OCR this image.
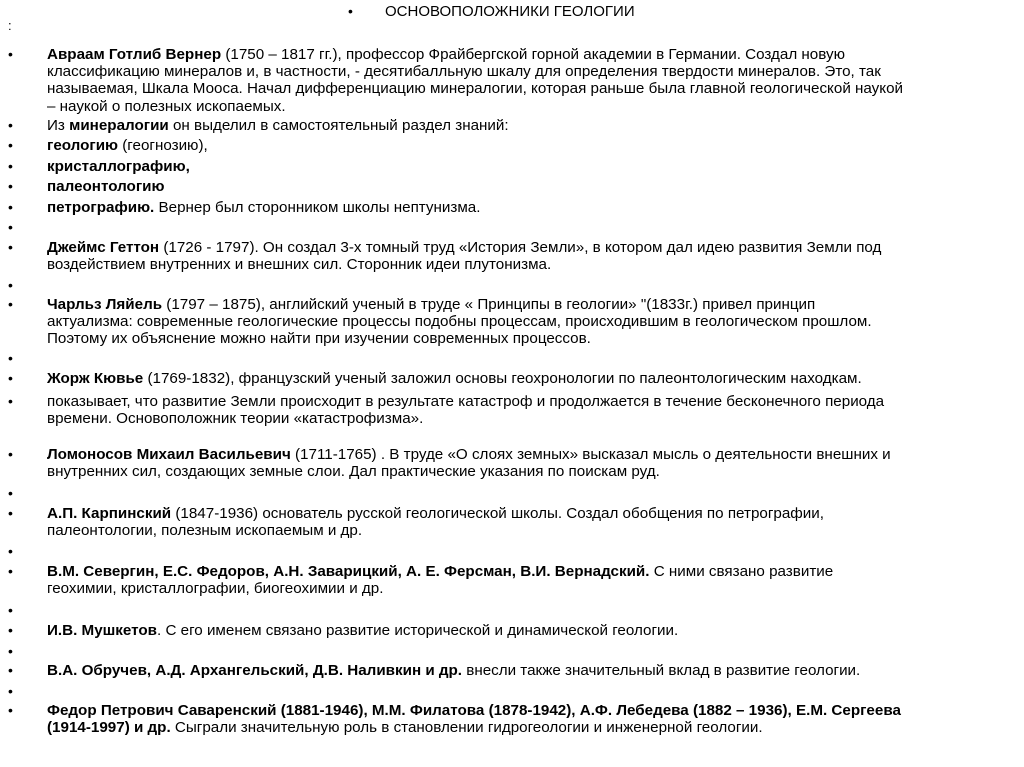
• ОСНОВОПОЛОЖНИКИ ГЕОЛОГИИ
:
• Авраам Готлиб Вернер (1750 – 1817 гг.), профессор Фрайбергской горной академии в Германии. Создал новую
классификацию минералов и, в частности, - десятибалльную шкалу для определения твердости минералов. Это, так
называемая, Шкала Мооса. Начал дифференциацию минералогии, которая раньше была главной геологической наукой
– наукой о полезных ископаемых.
• Из минералогии он выделил в самостоятельный раздел знаний:
• геологию (геогнозию),
• кристаллографию,
• палеонтологию
• петрографию. Вернер был сторонником школы нептунизма.
•
• Джеймс Геттон (1726 - 1797). Он создал 3-х томный труд «История Земли», в котором дал идею развития Земли под
воздействием внутренних и внешних сил. Сторонник идеи плутонизма.
•
• Чарльз Ляйель (1797 – 1875), английский ученый в труде « Принципы в геологии» "(1833г.) привел принцип
актуализма: современные геологические процессы подобны процессам, происходившим в геологическом прошлом.
Поэтому их объяснение можно найти при изучении современных процессов.
•
• Жорж Кювье (1769-1832), французский ученый заложил основы геохронологии по палеонтологическим находкам.
• показывает, что развитие Земли происходит в результате катастроф и продолжается в течение бесконечного периода
времени. Основоположник теории «катастрофизма».
• Ломоносов Михаил Васильевич (1711-1765) . В труде «О слоях земных» высказал мысль о деятельности внешних и
внутренних сил, создающих земные слои. Дал практические указания по поискам руд.
•
• А.П. Карпинский (1847-1936) основатель русской геологической школы. Создал обобщения по петрографии,
палеонтологии, полезным ископаемым и др.
•
• В.М. Севергин, Е.С. Федоров, А.Н. Заварицкий, А. Е. Ферсман, В.И. Вернадский. С ними связано развитие
геохимии, кристаллографии, биогеохимии и др.
•
• И.В. Мушкетов. С его именем связано развитие исторической и динамической геологии.
•
• В.А. Обручев, А.Д. Архангельский, Д.В. Наливкин и др. внесли также значительный вклад в развитие геологии.
•
• Федор Петрович Саваренский (1881-1946), М.М. Филатова (1878-1942), А.Ф. Лебедева (1882 – 1936), Е.М. Сергеева
(1914-1997) и др. Сыграли значительную роль в становлении гидрогеологии и инженерной геологии.
